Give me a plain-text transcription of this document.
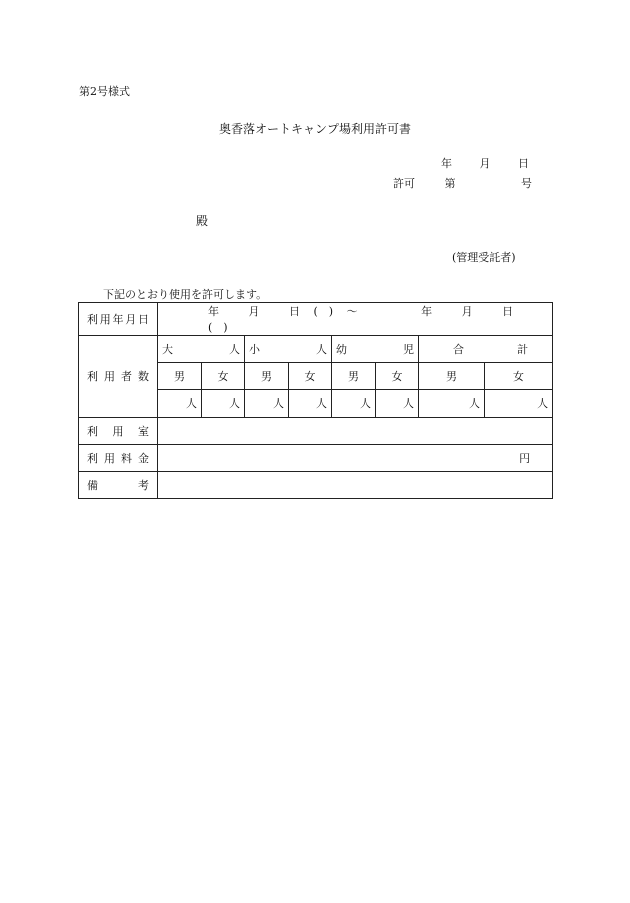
第2号様式
奥香落オートキャンプ場利用許可書
年	月	日
許可	第	号
殿
(管理受託者)
下記のとおり使用を許可します。
利用年月日	年 月 日 (　) ～ 年 月 日 (　)							
利用者数	大 人		小 人		幼 児		合 計	

	男	女	男	女	男	女	男	女
	人	人	人	人	人	人	人	人
利用室								
利用料金	円							
備考								
